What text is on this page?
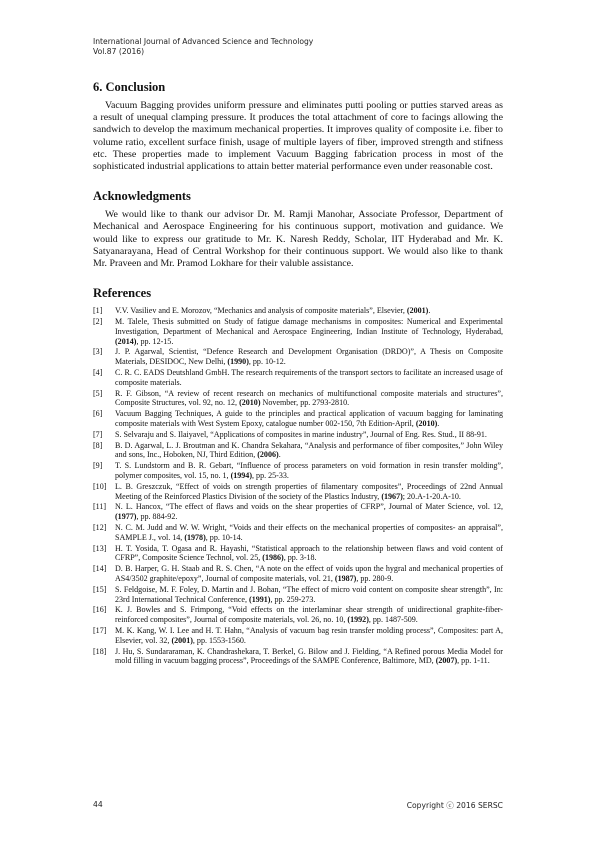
International Journal of Advanced Science and Technology
Vol.87 (2016)
6. Conclusion

Vacuum Bagging provides uniform pressure and eliminates putti pooling or putties starved areas as a result of unequal clamping pressure. It produces the total attachment of core to facings allowing the sandwich to develop the maximum mechanical properties. It improves quality of composite i.e. fiber to volume ratio, excellent surface finish, usage of multiple layers of fiber, improved strength and stifness etc. These properties made to implement Vacuum Bagging fabrication process in most of the sophisticated industrial applications to attain better material performance even under reasonable cost.

Acknowledgments

We would like to thank our advisor Dr. M. Ramji Manohar, Associate Professor, Department of Mechanical and Aerospace Engineering for his continuous support, motivation and guidance. We would like to express our gratitude to Mr. K. Naresh Reddy, Scholar, IIT Hyderabad and Mr. K. Satyanarayana, Head of Central Workshop for their continuous support. We would also like to thank Mr. Praveen and Mr. Pramod Lokhare for their valuble assistance.

References
[1] V.V. Vasiliev and E. Morozov, “Mechanics and analysis of composite materials”, Elsevier, (2001).
[2] M. Talele, Thesis submitted on Study of fatigue damage mechanisms in composites: Numerical and Experimental Investigation, Department of Mechanical and Aerospace Engineering, Indian Institute of Technology, Hyderabad, (2014), pp. 12-15.
[3] J. P. Agarwal, Scientist, “Defence Research and Development Organisation (DRDO)”, A Thesis on Composite Materials, DESIDOC, New Delhi, (1990), pp. 10-12.
[4] C. R. C. EADS Deutshland GmbH. The research requirements of the transport sectors to facilitate an increased usage of composite materials.
[5] R. F. Gibson, “A review of recent research on mechanics of multifunctional composite materials and structures”, Composite Structures, vol. 92, no. 12, (2010) November, pp. 2793-2810.
[6] Vacuum Bagging Techniques, A guide to the principles and practical application of vacuum bagging for laminating composite materials with West System Epoxy, catalogue number 002-150, 7th Edition-April, (2010).
[7] S. Selvaraju and S. Ilaiyavel, “Applications of composites in marine industry”, Journal of Eng. Res. Stud., II 88-91.
[8] B. D. Agarwal, L. J. Broutman and K. Chandra Sekahara, “Analysis and performance of fiber composites,” John Wiley and sons, Inc., Hoboken, NJ, Third Edition, (2006).
[9] T. S. Lundstorm and B. R. Gebart, “Influence of process parameters on void formation in resin transfer molding”, polymer composites, vol. 15, no. 1, (1994), pp. 25-33.
[10] L. B. Greszczuk, “Effect of voids on strength properties of filamentary composites”, Proceedings of 22nd Annual Meeting of the Reinforced Plastics Division of the society of the Plastics Industry, (1967); 20.A-1-20.A-10.
[11] N. L. Hancox, “The effect of flaws and voids on the shear properties of CFRP”, Journal of Mater Science, vol. 12, (1977), pp. 884-92.
[12] N. C. M. Judd and W. W. Wright, “Voids and their effects on the mechanical properties of composites- an appraisal”, SAMPLE J., vol. 14, (1978), pp. 10-14.
[13] H. T. Yosida, T. Ogasa and R. Hayashi, “Statistical approach to the relationship between flaws and void content of CFRP”, Composite Science Technol, vol. 25, (1986), pp. 3-18.
[14] D. B. Harper, G. H. Staab and R. S. Chen, “A note on the effect of voids upon the hygral and mechanical properties of AS4/3502 graphite/epoxy”, Journal of composite materials, vol. 21, (1987), pp. 280-9.
[15] S. Feldgoise, M. F. Foley, D. Martin and J. Bohan, “The effect of micro void content on composite shear strength”, In: 23rd International Technical Conference, (1991), pp. 259-273.
[16] K. J. Bowles and S. Frimpong, “Void effects on the interlaminar shear strength of unidirectional graphite-fiber-reinforced composites”, Journal of composite materials, vol. 26, no. 10, (1992), pp. 1487-509.
[17] M. K. Kang, W. I. Lee and H. T. Hahn, “Analysis of vacuum bag resin transfer molding process”, Composites: part A, Elsevier, vol. 32, (2001), pp. 1553-1560.
[18] J. Hu, S. Sundararaman, K. Chandrashekara, T. Berkel, G. Bilow and J. Fielding, “A Refined porous Media Model for mold filling in vacuum bagging process”, Proceedings of the SAMPE Conference, Baltimore, MD, (2007), pp. 1-11.
44	Copyright ⓒ 2016 SERSC
